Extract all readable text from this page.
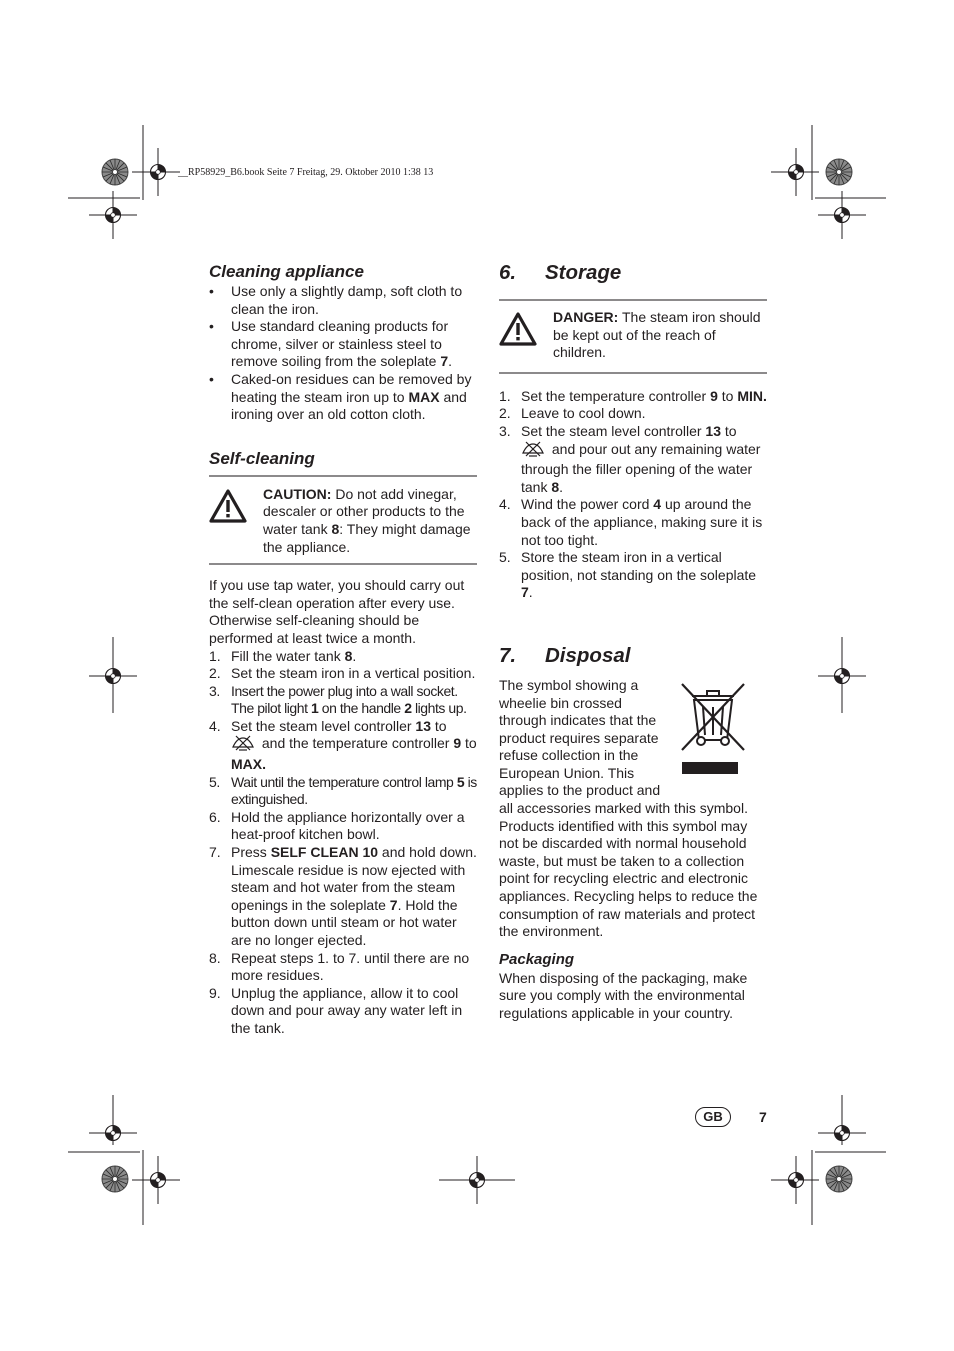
__RP58929_B6.book Seite 7 Freitag, 29. Oktober 2010 1:38 13
Cleaning appliance
• Use only a slightly damp, soft cloth to clean the iron.
• Use standard cleaning products for chrome, silver or stainless steel to remove soiling from the soleplate 7.
• Caked-on residues can be removed by heating the steam iron up to MAX and ironing over an old cotton cloth.
Self-cleaning
CAUTION: Do not add vinegar, descaler or other products to the water tank 8: They might damage the appliance.

If you use tap water, you should carry out the self-clean operation after every use. Otherwise self-cleaning should be performed at least twice a month.

1. Fill the water tank 8.
2. Set the steam iron in a vertical position.
3. Insert the power plug into a wall socket. The pilot light 1 on the handle 2 lights up.
4. Set the steam level controller 13 to  and the temperature controller 9 to MAX.
5. Wait until the temperature control lamp 5 is extinguished.
6. Hold the appliance horizontally over a heat-proof kitchen bowl.
7. Press SELF CLEAN 10 and hold down. Limescale residue is now ejected with steam and hot water from the steam openings in the soleplate 7. Hold the button down until steam or hot water are no longer ejected.
8. Repeat steps 1. to 7. until there are no more residues.
9. Unplug the appliance, allow it to cool down and pour away any water left in the tank.
6.	Storage
DANGER: The steam iron should be kept out of the reach of children.
1. Set the temperature controller 9 to MIN.
2. Leave to cool down.
3. Set the steam level controller 13 to  and pour out any remaining water through the filler opening of the water tank 8.
4. Wind the power cord 4 up around the back of the appliance, making sure it is not too tight.
5. Store the steam iron in a vertical position, not standing on the soleplate 7.
7.	Disposal

The symbol showing a wheelie bin crossed through indicates that the product requires separate refuse collection in the European Union. This applies to the product and all accessories marked with this symbol. Products identified with this symbol may not be discarded with normal household waste, but must be taken to a collection point for recycling electric and electronic appliances. Recycling helps to reduce the consumption of raw materials and protect the environment.

Packaging

When disposing of the packaging, make sure you comply with the environmental regulations applicable in your country.

GB	7
